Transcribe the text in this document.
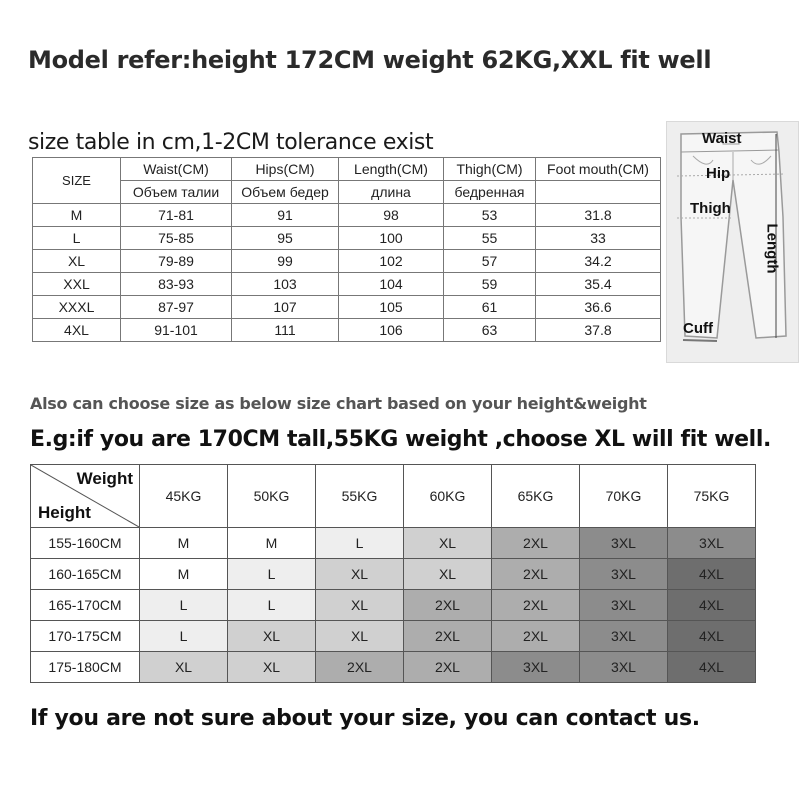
Model refer:height 172CM weight 62KG,XXL fit well
size table in cm,1-2CM tolerance exist
SIZE	Waist(CM)	Hips(CM)	Length(CM)	Thigh(CM)	Foot mouth(CM)
	Объем талии	Объем бедер	длина	бедренная	
M	71-81	91	98	53	31.8
L	75-85	95	100	55	33
XL	79-89	99	102	57	34.2
XXL	83-93	103	104	59	35.4
XXXL	87-97	107	105	61	36.6
4XL	91-101	111	106	63	37.8
Waist
Hip
Thigh
Length
Cuff
Also can choose size as below size chart based on your height&weight
E.g:if you are 170CM tall,55KG weight ,choose XL will fit well.
Weight
Height	45KG	50KG	55KG	60KG	65KG	70KG	75KG
155-160CM	M	M	L	XL	2XL	3XL	3XL
160-165CM	M	L	XL	XL	2XL	3XL	4XL
165-170CM	L	L	XL	2XL	2XL	3XL	4XL
170-175CM	L	XL	XL	2XL	2XL	3XL	4XL
175-180CM	XL	XL	2XL	2XL	3XL	3XL	4XL
If you are not sure about your size, you can contact us.
